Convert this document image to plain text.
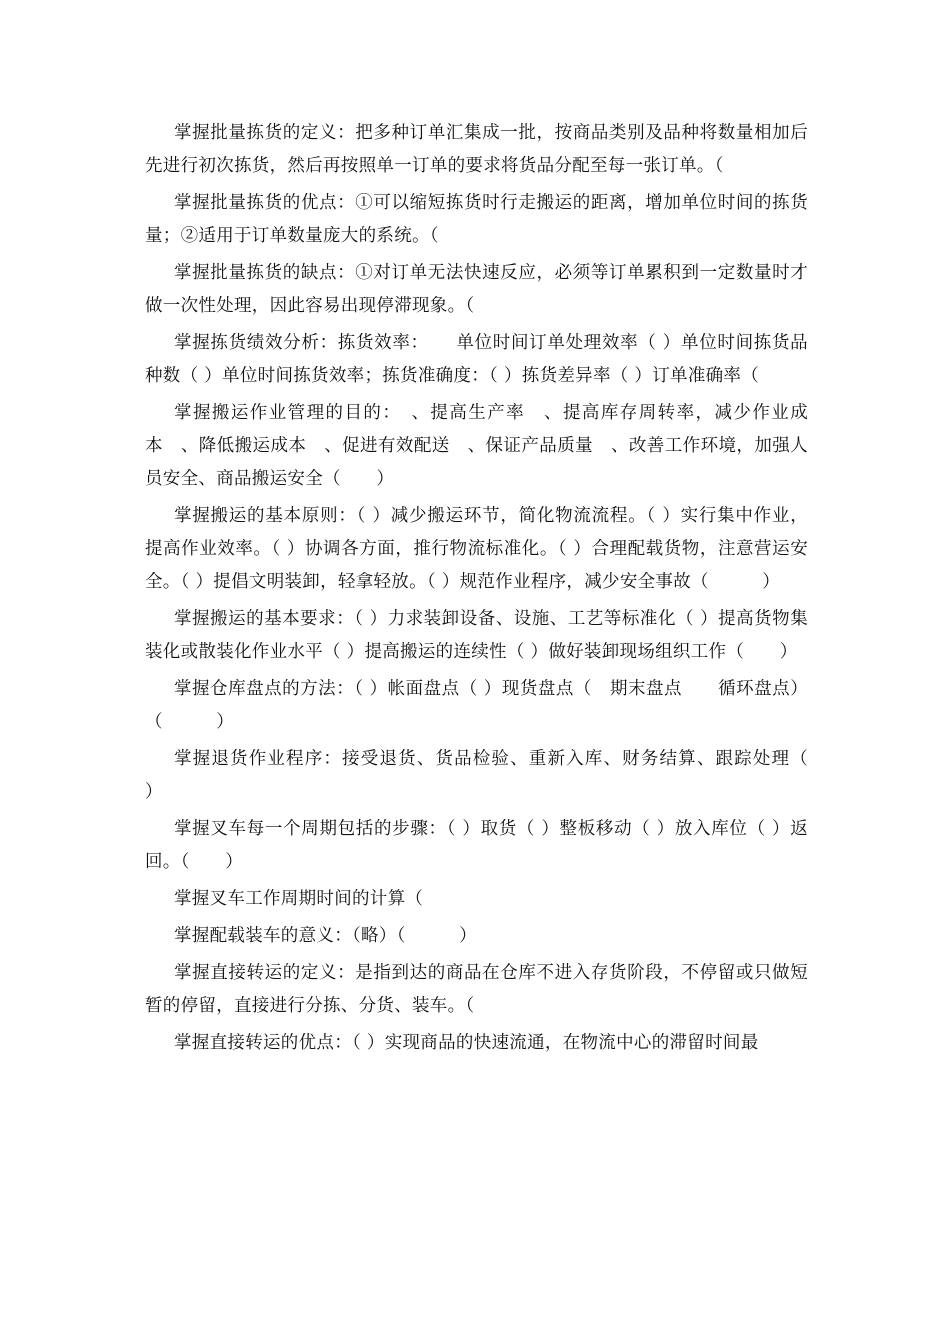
掌握批量拣货的定义：把多种订单汇集成一批，按商品类别及品种将数量相加后先进行初次拣货，然后再按照单一订单的要求将货品分配至每一张订单。（

掌握批量拣货的优点：①可以缩短拣货时行走搬运的距离，增加单位时间的拣货量；②适用于订单数量庞大的系统。（

掌握批量拣货的缺点：①对订单无法快速反应，必须等订单累积到一定数量时才做一次性处理，因此容易出现停滞现象。（

掌握拣货绩效分析：拣货效率：　　单位时间订单处理效率（ ）单位时间拣货品种数（ ）单位时间拣货效率；拣货准确度：（ ）拣货差异率（ ）订单准确率（

掌握搬运作业管理的目的：　、提高生产率　、提高库存周转率，减少作业成本　、降低搬运成本　、促进有效配送　、保证产品质量　、改善工作环境，加强人员安全、商品搬运安全（　　）

掌握搬运的基本原则：（ ）减少搬运环节，简化物流流程。（ ）实行集中作业，提高作业效率。（ ）协调各方面，推行物流标准化。（ ）合理配载货物，注意营运安全。（ ）提倡文明装卸，轻拿轻放。（ ）规范作业程序，减少安全事故（　　　）

掌握搬运的基本要求：（ ）力求装卸设备、设施、工艺等标准化（ ）提高货物集装化或散装化作业水平（ ）提高搬运的连续性（ ）做好装卸现场组织工作（　　）

掌握仓库盘点的方法：（ ）帐面盘点（ ）现货盘点（　期末盘点　　循环盘点）（　　　）

掌握退货作业程序：接受退货、货品检验、重新入库、财务结算、跟踪处理（　　　）

掌握叉车每一个周期包括的步骤：（ ）取货（ ）整板移动（ ）放入库位（ ）返回。（　　）

掌握叉车工作周期时间的计算（

掌握配载装车的意义：（略）（　　　）

掌握直接转运的定义：是指到达的商品在仓库不进入存货阶段，不停留或只做短暂的停留，直接进行分拣、分货、装车。（

掌握直接转运的优点：（ ）实现商品的快速流通，在物流中心的滞留时间最
